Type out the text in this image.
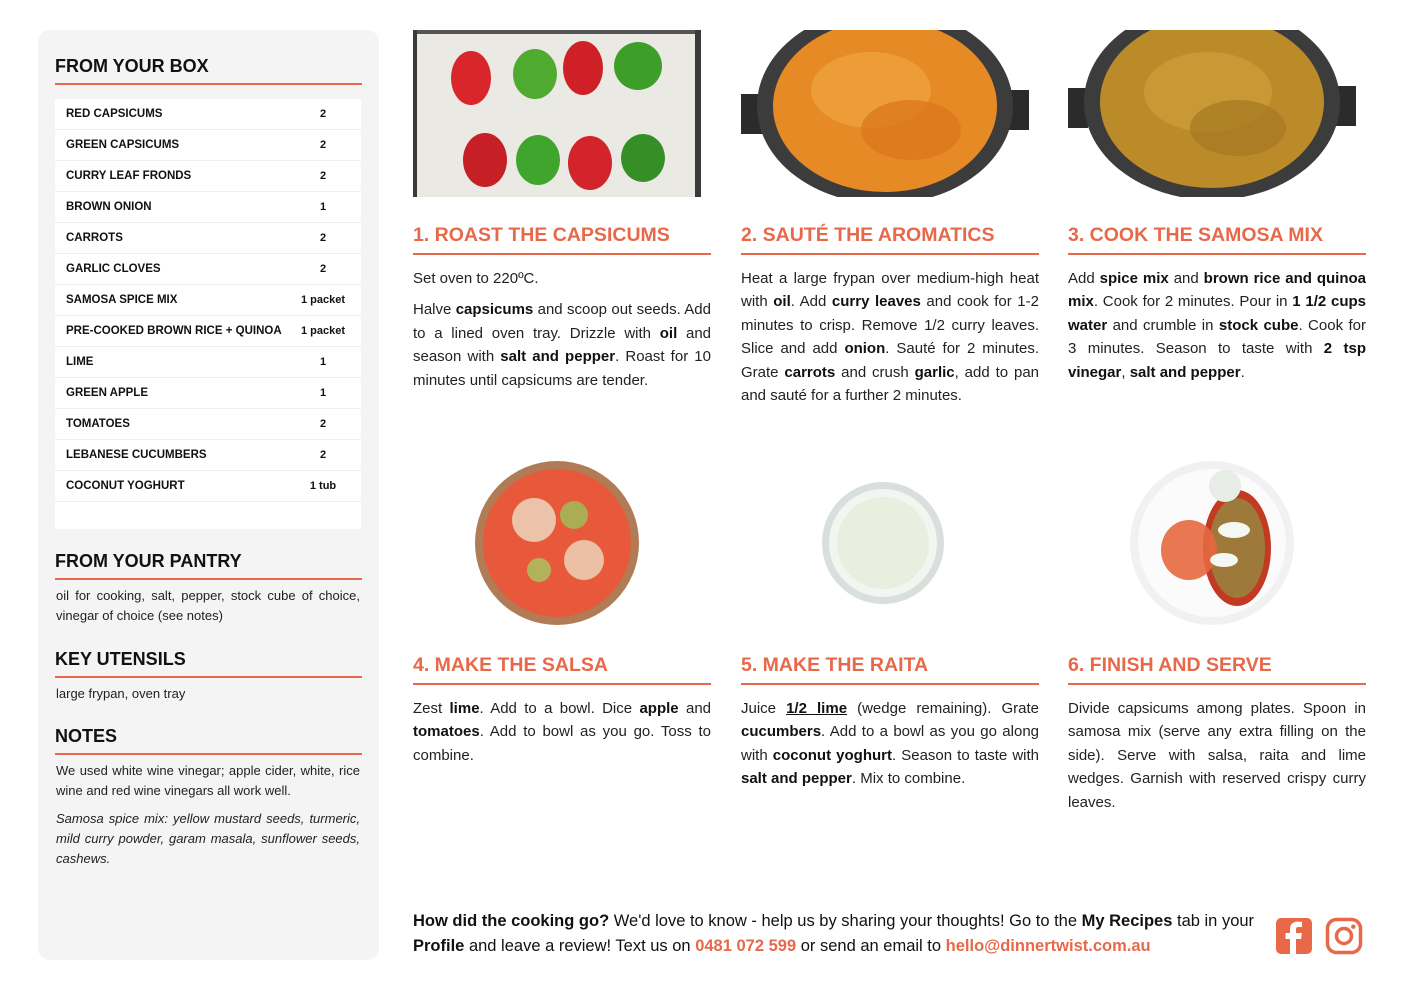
FROM YOUR BOX
RED CAPSICUMS	2
GREEN CAPSICUMS	2
CURRY LEAF FRONDS	2
BROWN ONION	1
CARROTS	2
GARLIC CLOVES	2
SAMOSA SPICE MIX	1 packet
PRE-COOKED BROWN RICE + QUINOA	1 packet
LIME	1
GREEN APPLE	1
TOMATOES	2
LEBANESE CUCUMBERS	2
COCONUT YOGHURT	1 tub
FROM YOUR PANTRY
oil for cooking, salt, pepper, stock cube of choice, vinegar of choice (see notes)
KEY UTENSILS
large frypan, oven tray
NOTES
We used white wine vinegar; apple cider, white, rice wine and red wine vinegars all work well.
Samosa spice mix: yellow mustard seeds, turmeric, mild curry powder, garam masala, sunflower seeds, cashews.
1. ROAST THE CAPSICUMS

Set oven to 220ºC.

Halve capsicums and scoop out seeds. Add to a lined oven tray. Drizzle with oil and season with salt and pepper. Roast for 10 minutes until capsicums are tender.

2. SAUTÉ THE AROMATICS

Heat a large frypan over medium-high heat with oil. Add curry leaves and cook for 1-2 minutes to crisp. Remove 1/2 curry leaves. Slice and add onion. Sauté for 2 minutes. Grate carrots and crush garlic, add to pan and sauté for a further 2 minutes.

3. COOK THE SAMOSA MIX

Add spice mix and brown rice and quinoa mix. Cook for 2 minutes. Pour in 1 1/2 cups water and crumble in stock cube. Cook for 3 minutes. Season to taste with 2 tsp vinegar, salt and pepper.

4. MAKE THE SALSA

Zest lime. Add to a bowl. Dice apple and tomatoes. Add to bowl as you go. Toss to combine.

5. MAKE THE RAITA

Juice 1/2 lime (wedge remaining). Grate cucumbers. Add to a bowl as you go along with coconut yoghurt. Season to taste with salt and pepper. Mix to combine.

6. FINISH AND SERVE

Divide capsicums among plates. Spoon in samosa mix (serve any extra filling on the side). Serve with salsa, raita and lime wedges. Garnish with reserved crispy curry leaves.

How did the cooking go? We'd love to know - help us by sharing your thoughts! Go to the My Recipes tab in your Profile and leave a review! Text us on 0481 072 599 or send an email to hello@dinnertwist.com.au
